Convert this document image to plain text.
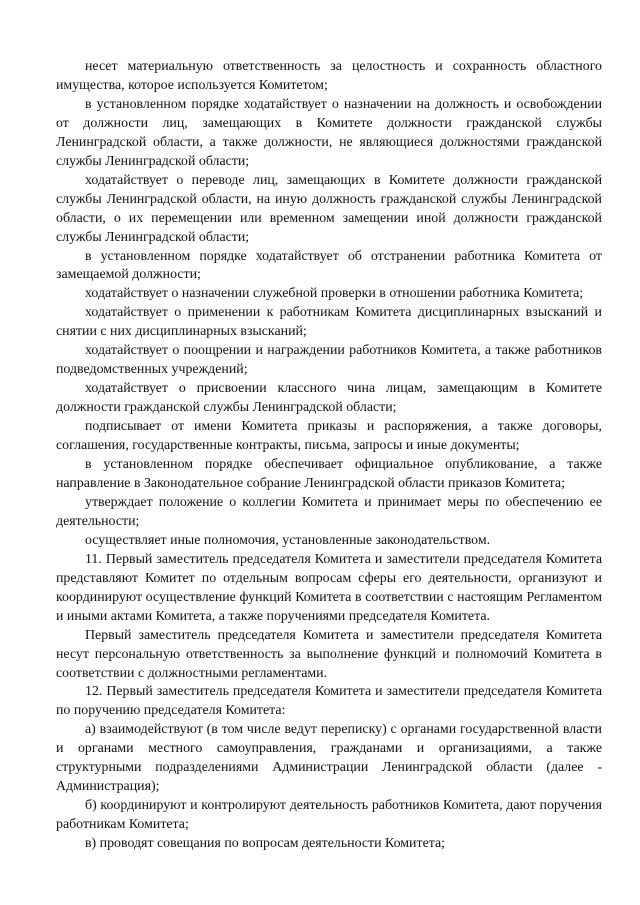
несет материальную ответственность за целостность и сохранность областного имущества, которое используется Комитетом;

в установленном порядке ходатайствует о назначении на должность и освобождении от должности лиц, замещающих в Комитете должности гражданской службы Ленинградской области, а также должности, не являющиеся должностями гражданской службы Ленинградской области;

ходатайствует о переводе лиц, замещающих в Комитете должности гражданской службы Ленинградской области, на иную должность гражданской службы Ленинградской области, о их перемещении или временном замещении иной должности гражданской службы Ленинградской области;

в установленном порядке ходатайствует об отстранении работника Комитета от замещаемой должности;

ходатайствует о назначении служебной проверки в отношении работника Комитета;

ходатайствует о применении к работникам Комитета дисциплинарных взысканий и снятии с них дисциплинарных взысканий;

ходатайствует о поощрении и награждении работников Комитета, а также работников подведомственных учреждений;

ходатайствует о присвоении классного чина лицам, замещающим в Комитете должности гражданской службы Ленинградской области;

подписывает от имени Комитета приказы и распоряжения, а также договоры, соглашения, государственные контракты, письма, запросы и иные документы;

в установленном порядке обеспечивает официальное опубликование, а также направление в Законодательное собрание Ленинградской области приказов Комитета;

утверждает положение о коллегии Комитета и принимает меры по обеспечению ее деятельности;

осуществляет иные полномочия, установленные законодательством.

11. Первый заместитель председателя Комитета и заместители председателя Комитета представляют Комитет по отдельным вопросам сферы его деятельности, организуют и координируют осуществление функций Комитета в соответствии с настоящим Регламентом и иными актами Комитета, а также поручениями председателя Комитета.

Первый заместитель председателя Комитета и заместители председателя Комитета несут персональную ответственность за выполнение функций и полномочий Комитета в соответствии с должностными регламентами.

12. Первый заместитель председателя Комитета и заместители председателя Комитета по поручению председателя Комитета:

а) взаимодействуют (в том числе ведут переписку) с органами государственной власти и органами местного самоуправления, гражданами и организациями, а также структурными подразделениями Администрации Ленинградской области (далее - Администрация);

б) координируют и контролируют деятельность работников Комитета, дают поручения работникам Комитета;

в) проводят совещания по вопросам деятельности Комитета;
